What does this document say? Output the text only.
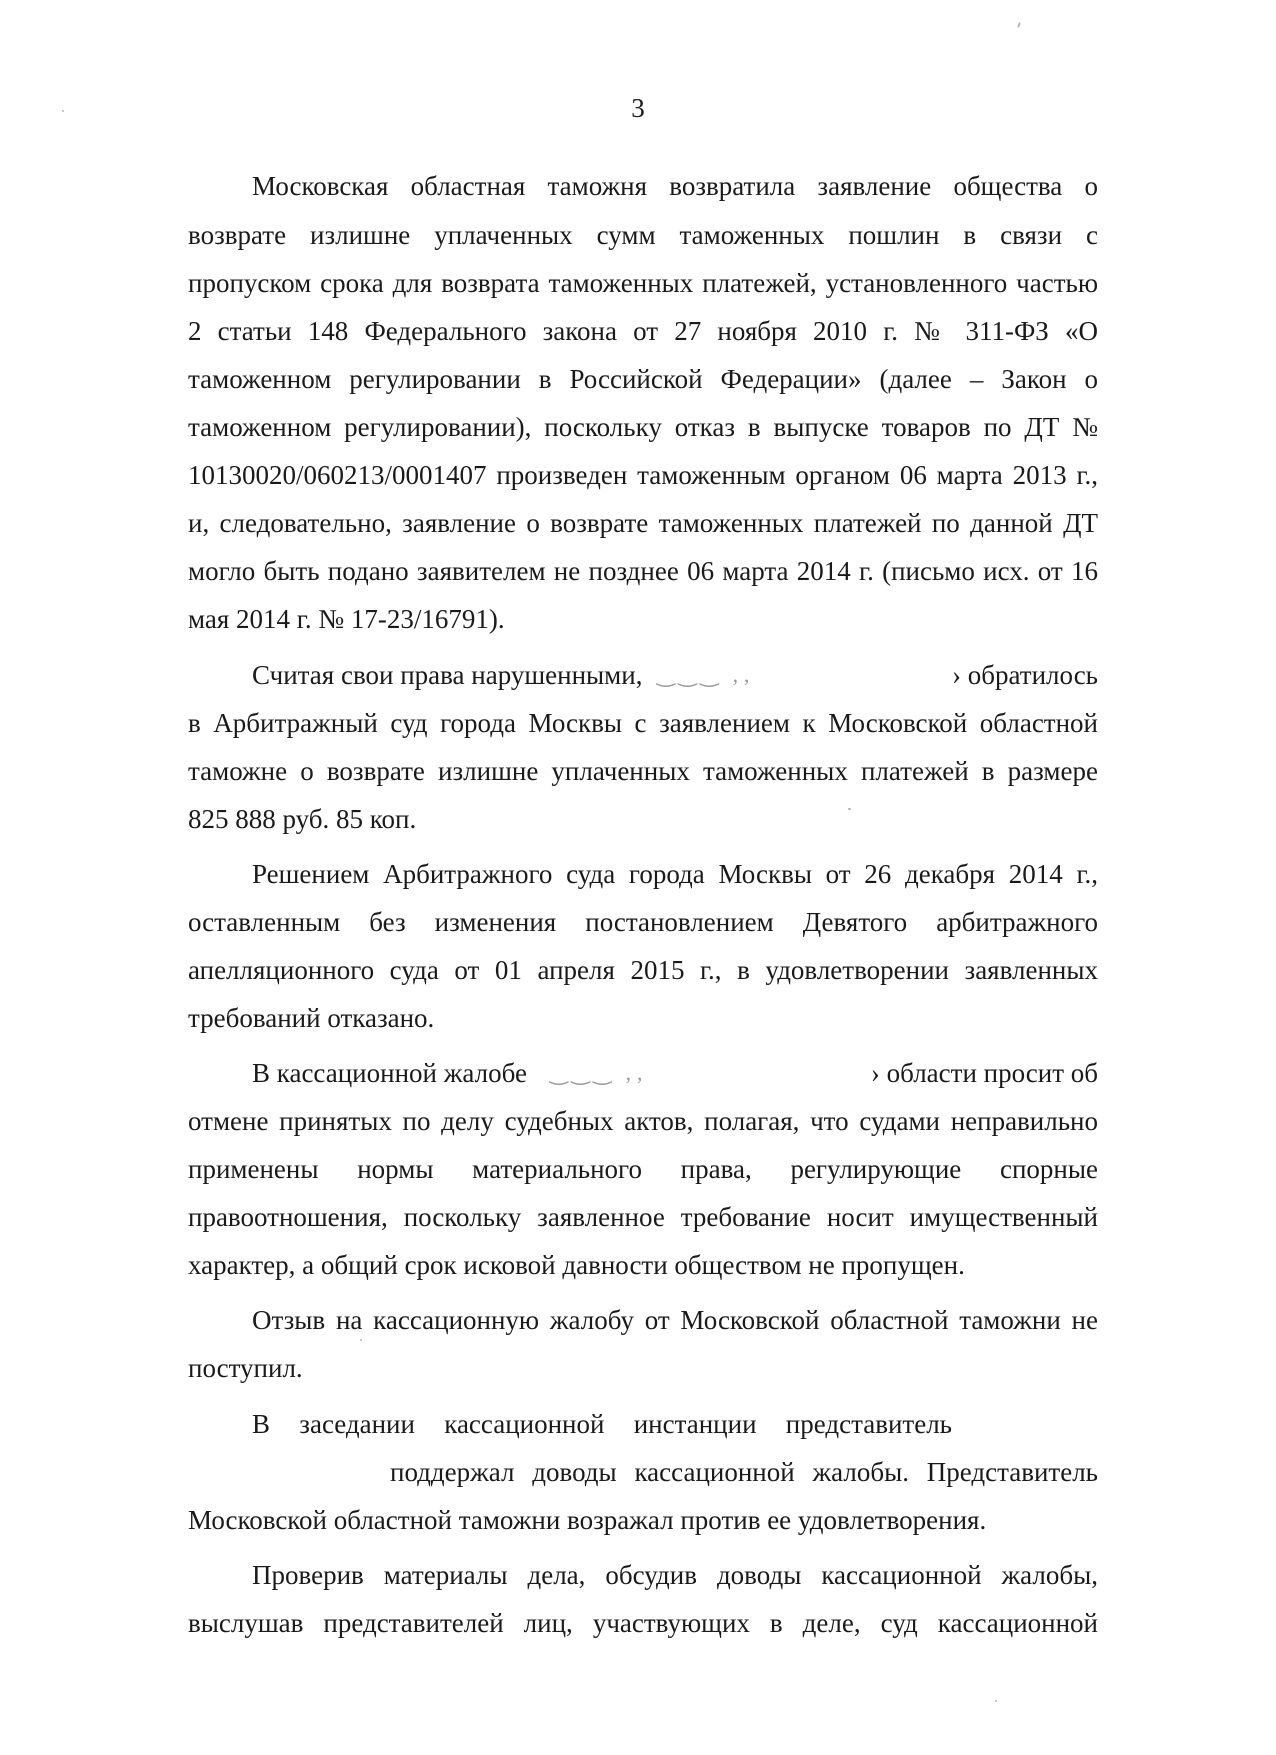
3
Московская областная таможня возвратила заявление общества о
возврате излишне уплаченных сумм таможенных пошлин в связи с
пропуском срока для возврата таможенных платежей, установленного частью
2 статьи 148 Федерального закона от 27 ноября 2010 г. № 311-ФЗ «О
таможенном регулировании в Российской Федерации» (далее – Закон о
таможенном регулировании), поскольку отказ в выпуске товаров по ДТ №
10130020/060213/0001407 произведен таможенным органом 06 марта 2013 г.,
и, следовательно, заявление о возврате таможенных платежей по данной ДТ
могло быть подано заявителем не позднее 06 марта 2014 г. (письмо исх. от 16
мая 2014 г. № 17-23/16791).
Считая свои права нарушенными, ‿‿‿ ‚‚	› обратилось
в Арбитражный суд города Москвы с заявлением к Московской областной
таможне о возврате излишне уплаченных таможенных платежей в размере
825 888 руб. 85 коп.
Решением Арбитражного суда города Москвы от 26 декабря 2014 г.,
оставленным без изменения постановлением Девятого арбитражного
апелляционного суда от 01 апреля 2015 г., в удовлетворении заявленных
требований отказано.
В кассационной жалобе ‿‿‿ ‚‚	› области просит об
отмене принятых по делу судебных актов, полагая, что судами неправильно
применены нормы материального права, регулирующие спорные
правоотношения, поскольку заявленное требование носит имущественный
характер, а общий срок исковой давности обществом не пропущен.
Отзыв на кассационную жалобу от Московской областной таможни не
поступил.
В заседании кассационной инстанции представитель
поддержал доводы кассационной жалобы. Представитель
Московской областной таможни возражал против ее удовлетворения.
Проверив материалы дела, обсудив доводы кассационной жалобы,
выслушав представителей лиц, участвующих в деле, суд кассационной
